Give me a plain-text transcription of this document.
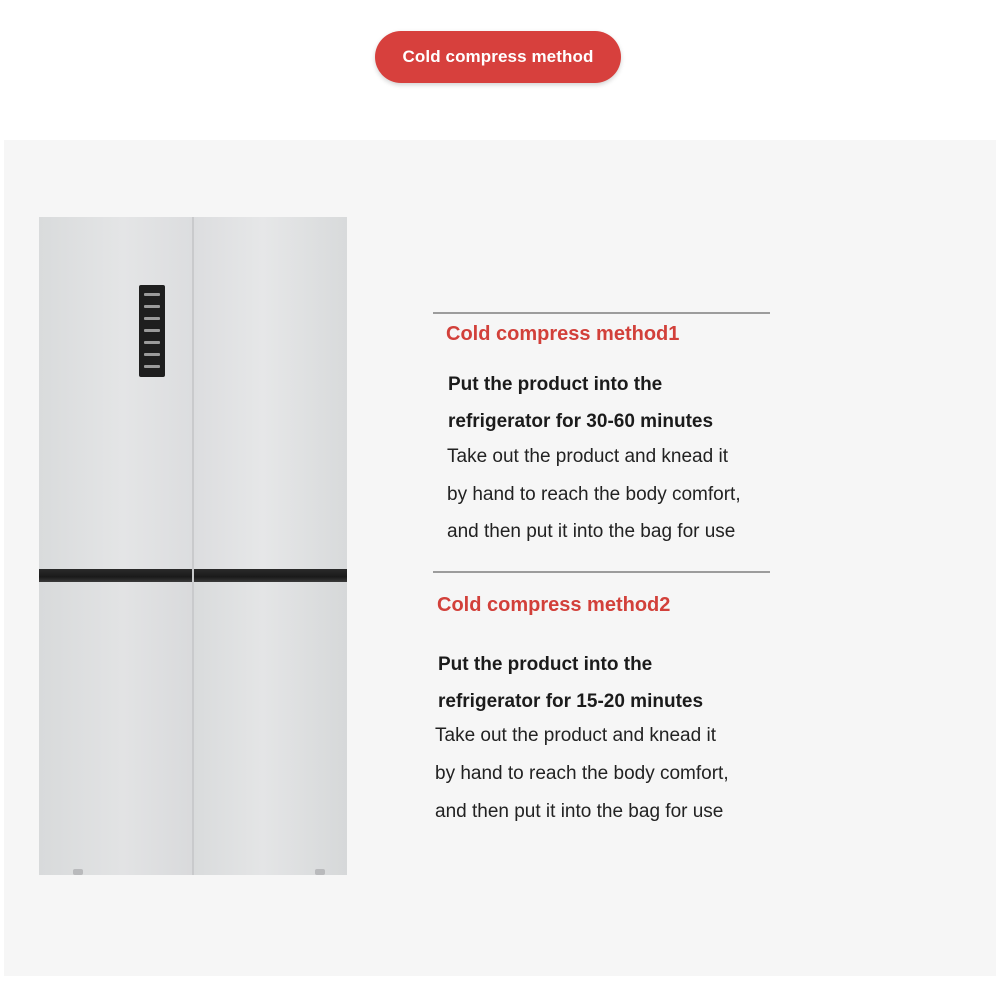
Cold compress method
Cold compress method1
Put the product into the
refrigerator for 30-60 minutes
Take out the product and knead it
by hand to reach the body comfort,
and then put it into the bag for use
Cold compress method2
Put the product into the
refrigerator for 15-20 minutes
Take out the product and knead it
by hand to reach the body comfort,
and then put it into the bag for use
